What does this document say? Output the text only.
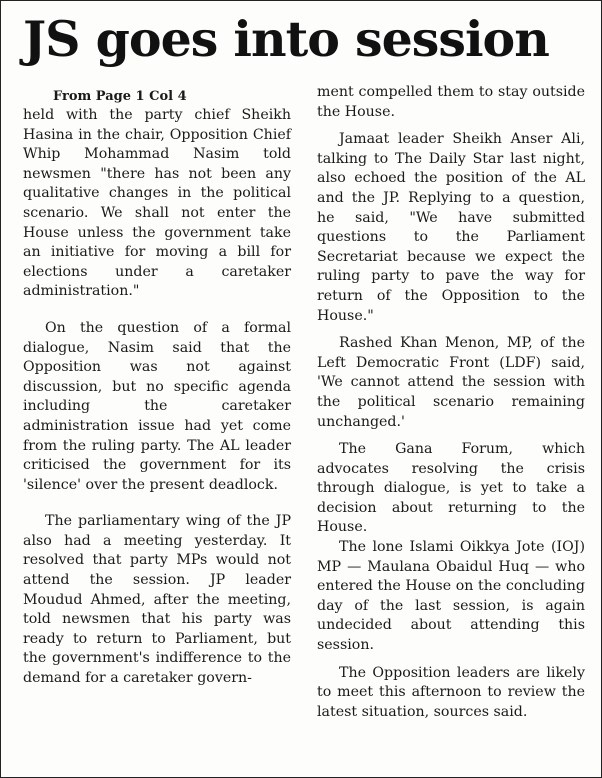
JS goes into session
From Page 1 Col 4

held with the party chief Sheikh Hasina in the chair, Opposition Chief Whip Mohammad Nasim told newsmen "there has not been any qualitative changes in the political scenario. We shall not enter the House unless the government take an initiative for moving a bill for elections under a caretaker administration."

On the question of a formal dialogue, Nasim said that the Opposition was not against discussion, but no specific agenda including the caretaker administration issue had yet come from the ruling party. The AL leader criticised the government for its 'silence' over the present deadlock.

The parliamentary wing of the JP also had a meeting yesterday. It resolved that party MPs would not attend the session. JP leader Moudud Ahmed, after the meeting, told newsmen that his party was ready to return to Parliament, but the government's indifference to the demand for a caretaker govern-

ment compelled them to stay outside the House.

Jamaat leader Sheikh Anser Ali, talking to The Daily Star last night, also echoed the position of the AL and the JP. Replying to a question, he said, "We have submitted questions to the Parliament Secretariat because we expect the ruling party to pave the way for return of the Opposition to the House."

Rashed Khan Menon, MP, of the Left Democratic Front (LDF) said, 'We cannot attend the session with the political scenario remaining unchanged.'

The Gana Forum, which advocates resolving the crisis through dialogue, is yet to take a decision about returning to the House.

The lone Islami Oikkya Jote (IOJ) MP — Maulana Obaidul Huq — who entered the House on the concluding day of the last session, is again undecided about attending this session.

The Opposition leaders are likely to meet this afternoon to review the latest situation, sources said.
